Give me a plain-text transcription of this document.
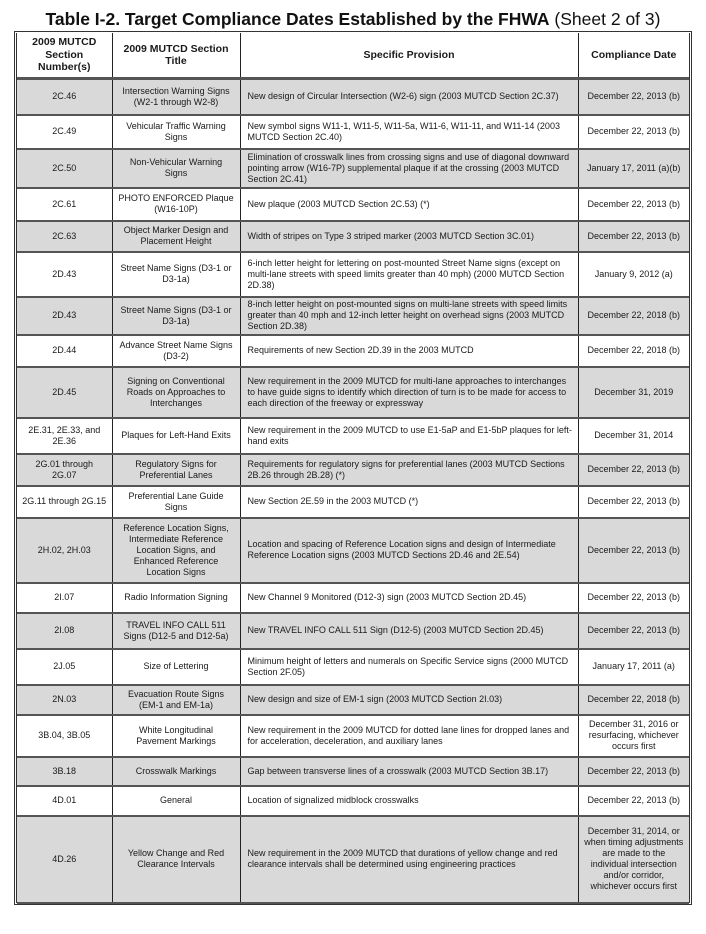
Table I-2. Target Compliance Dates Established by the FHWA (Sheet 2 of 3)
2009 MUTCD Section Number(s)	2009 MUTCD Section Title	Specific Provision	Compliance Date
2C.46	Intersection Warning Signs (W2-1 through W2-8)	New design of Circular Intersection (W2-6) sign (2003 MUTCD Section 2C.37)	December 22, 2013 (b)
2C.49	Vehicular Traffic Warning Signs	New symbol signs W11-1, W11-5, W11-5a, W11-6, W11-11, and W11-14 (2003 MUTCD Section 2C.40)	December 22, 2013 (b)
2C.50	Non-Vehicular Warning Signs	Elimination of crosswalk lines from crossing signs and use of diagonal downward pointing arrow (W16-7P) supplemental plaque if at the crossing (2003 MUTCD Section 2C.41)	January 17, 2011 (a)(b)
2C.61	PHOTO ENFORCED Plaque (W16-10P)	New plaque (2003 MUTCD Section 2C.53) (*)	December 22, 2013 (b)
2C.63	Object Marker Design and Placement Height	Width of stripes on Type 3 striped marker (2003 MUTCD Section 3C.01)	December 22, 2013 (b)
2D.43	Street Name Signs (D3-1 or D3-1a)	6-inch letter height for lettering on post-mounted Street Name signs (except on multi-lane streets with speed limits greater than 40 mph) (2000 MUTCD Section 2D.38)	January 9, 2012 (a)
2D.43	Street Name Signs (D3-1 or D3-1a)	8-inch letter height on post-mounted signs on multi-lane streets with speed limits greater than 40 mph and 12-inch letter height on overhead signs (2003 MUTCD Section 2D.38)	December 22, 2018 (b)
2D.44	Advance Street Name Signs (D3-2)	Requirements of new Section 2D.39 in the 2003 MUTCD	December 22, 2018 (b)
2D.45	Signing on Conventional Roads on Approaches to Interchanges	New requirement in the 2009 MUTCD for multi-lane approaches to interchanges to have guide signs to identify which direction of turn is to be made for access to each direction of the freeway or expressway	December 31, 2019
2E.31, 2E.33, and 2E.36	Plaques for Left-Hand Exits	New requirement in the 2009 MUTCD to use E1-5aP and E1-5bP plaques for left-hand exits	December 31, 2014
2G.01 through 2G.07	Regulatory Signs for Preferential Lanes	Requirements for regulatory signs for preferential lanes (2003 MUTCD Sections 2B.26 through 2B.28) (*)	December 22, 2013 (b)
2G.11 through 2G.15	Preferential Lane Guide Signs	New Section 2E.59 in the 2003 MUTCD (*)	December 22, 2013 (b)
2H.02, 2H.03	Reference Location Signs, Intermediate Reference Location Signs, and Enhanced Reference Location Signs	Location and spacing of Reference Location signs and design of Intermediate Reference Location signs (2003 MUTCD Sections 2D.46 and 2E.54)	December 22, 2013 (b)
2I.07	Radio Information Signing	New Channel 9 Monitored (D12-3) sign (2003 MUTCD Section 2D.45)	December 22, 2013 (b)
2I.08	TRAVEL INFO CALL 511 Signs (D12-5 and D12-5a)	New TRAVEL INFO CALL 511 Sign (D12-5) (2003 MUTCD Section 2D.45)	December 22, 2013 (b)
2J.05	Size of Lettering	Minimum height of letters and numerals on Specific Service signs (2000 MUTCD Section 2F.05)	January 17, 2011 (a)
2N.03	Evacuation Route Signs (EM-1 and EM-1a)	New design and size of EM-1 sign (2003 MUTCD Section 2I.03)	December 22, 2018 (b)
3B.04, 3B.05	White Longitudinal Pavement Markings	New requirement in the 2009 MUTCD for dotted lane lines for dropped lanes and for acceleration, deceleration, and auxiliary lanes	December 31, 2016 or resurfacing, whichever occurs first
3B.18	Crosswalk Markings	Gap between transverse lines of a crosswalk (2003 MUTCD Section 3B.17)	December 22, 2013 (b)
4D.01	General	Location of signalized midblock crosswalks	December 22, 2013 (b)
4D.26	Yellow Change and Red Clearance Intervals	New requirement in the 2009 MUTCD that durations of yellow change and red clearance intervals shall be determined using engineering practices	December 31, 2014, or when timing adjustments are made to the individual intersection and/or corridor, whichever occurs first
